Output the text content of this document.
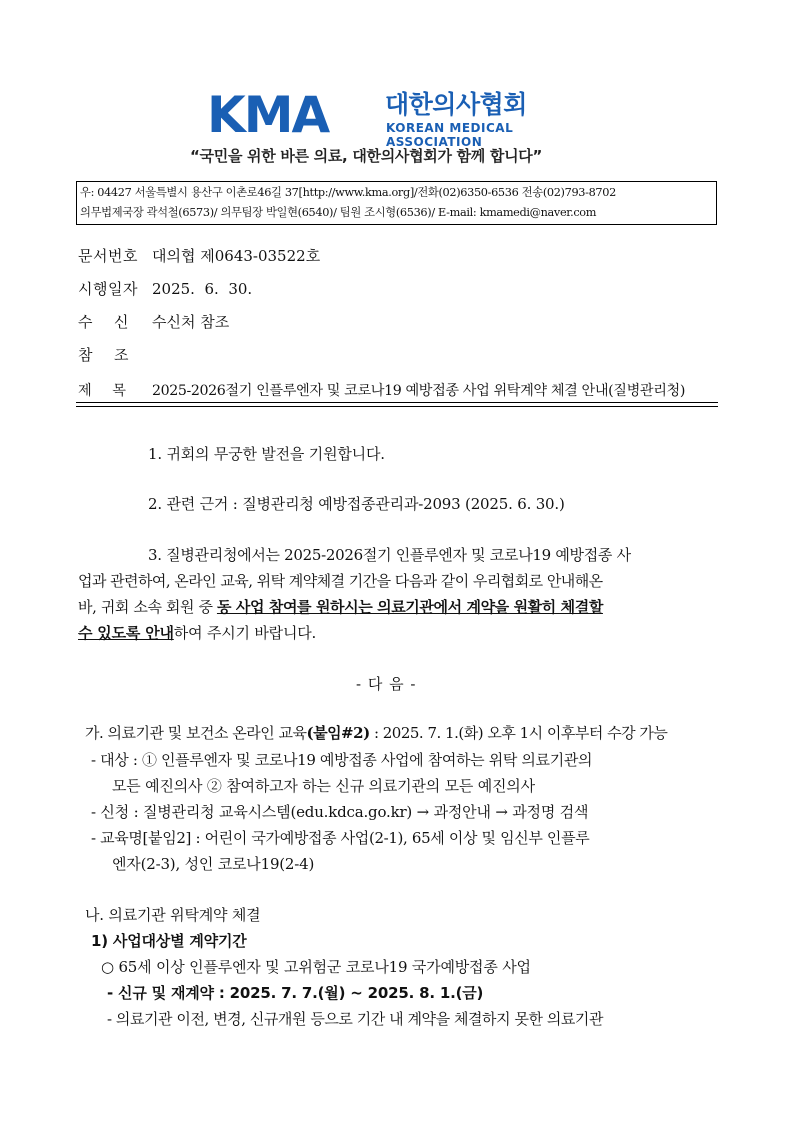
KMA 대한의사협회
KOREAN MEDICAL ASSOCIATION
“국민을 위한 바른 의료, 대한의사협회가 함께 합니다”
우: 04427 서울특별시 용산구 이촌로46길 37[http://www.kma.org]/전화(02)6350-6536 전송(02)793-8702
의무법제국장 곽석철(6573)/ 의무팀장 박일현(6540)/ 팀원 조시형(6536)/ E-mail: kmamedi@naver.com
문서번호 대의협 제0643-03522호
시행일자 2025.  6.  30.
수    신 수신처 참조
참    조
제    목 2025-2026절기 인플루엔자 및 코로나19 예방접종 사업 위탁계약 체결 안내(질병관리청)
1. 귀회의 무궁한 발전을 기원합니다.
2. 관련 근거 : 질병관리청 예방접종관리과-2093 (2025. 6. 30.)
3. 질병관리청에서는 2025-2026절기 인플루엔자 및 코로나19 예방접종 사
업과 관련하여, 온라인 교육, 위탁 계약체결 기간을 다음과 같이 우리협회로 안내해온
바, 귀회 소속 회원 중 동 사업 참여를 원하시는 의료기관에서 계약을 원활히 체결할
수 있도록 안내하여 주시기 바랍니다.
- 다 음 -
가. 의료기관 및 보건소 온라인 교육(붙임#2) : 2025. 7. 1.(화) 오후 1시 이후부터 수강 가능
- 대상 : ① 인플루엔자 및 코로나19 예방접종 사업에 참여하는 위탁 의료기관의
모든 예진의사 ② 참여하고자 하는 신규 의료기관의 모든 예진의사
- 신청 : 질병관리청 교육시스템(edu.kdca.go.kr) → 과정안내 → 과정명 검색
- 교육명[붙임2] : 어린이 국가예방접종 사업(2-1), 65세 이상 및 임신부 인플루
엔자(2-3), 성인 코로나19(2-4)
나. 의료기관 위탁계약 체결
1) 사업대상별 계약기간
○ 65세 이상 인플루엔자 및 고위험군 코로나19 국가예방접종 사업
- 신규 및 재계약 : 2025. 7. 7.(월) ~ 2025. 8. 1.(금)
- 의료기관 이전, 변경, 신규개원 등으로 기간 내 계약을 체결하지 못한 의료기관
